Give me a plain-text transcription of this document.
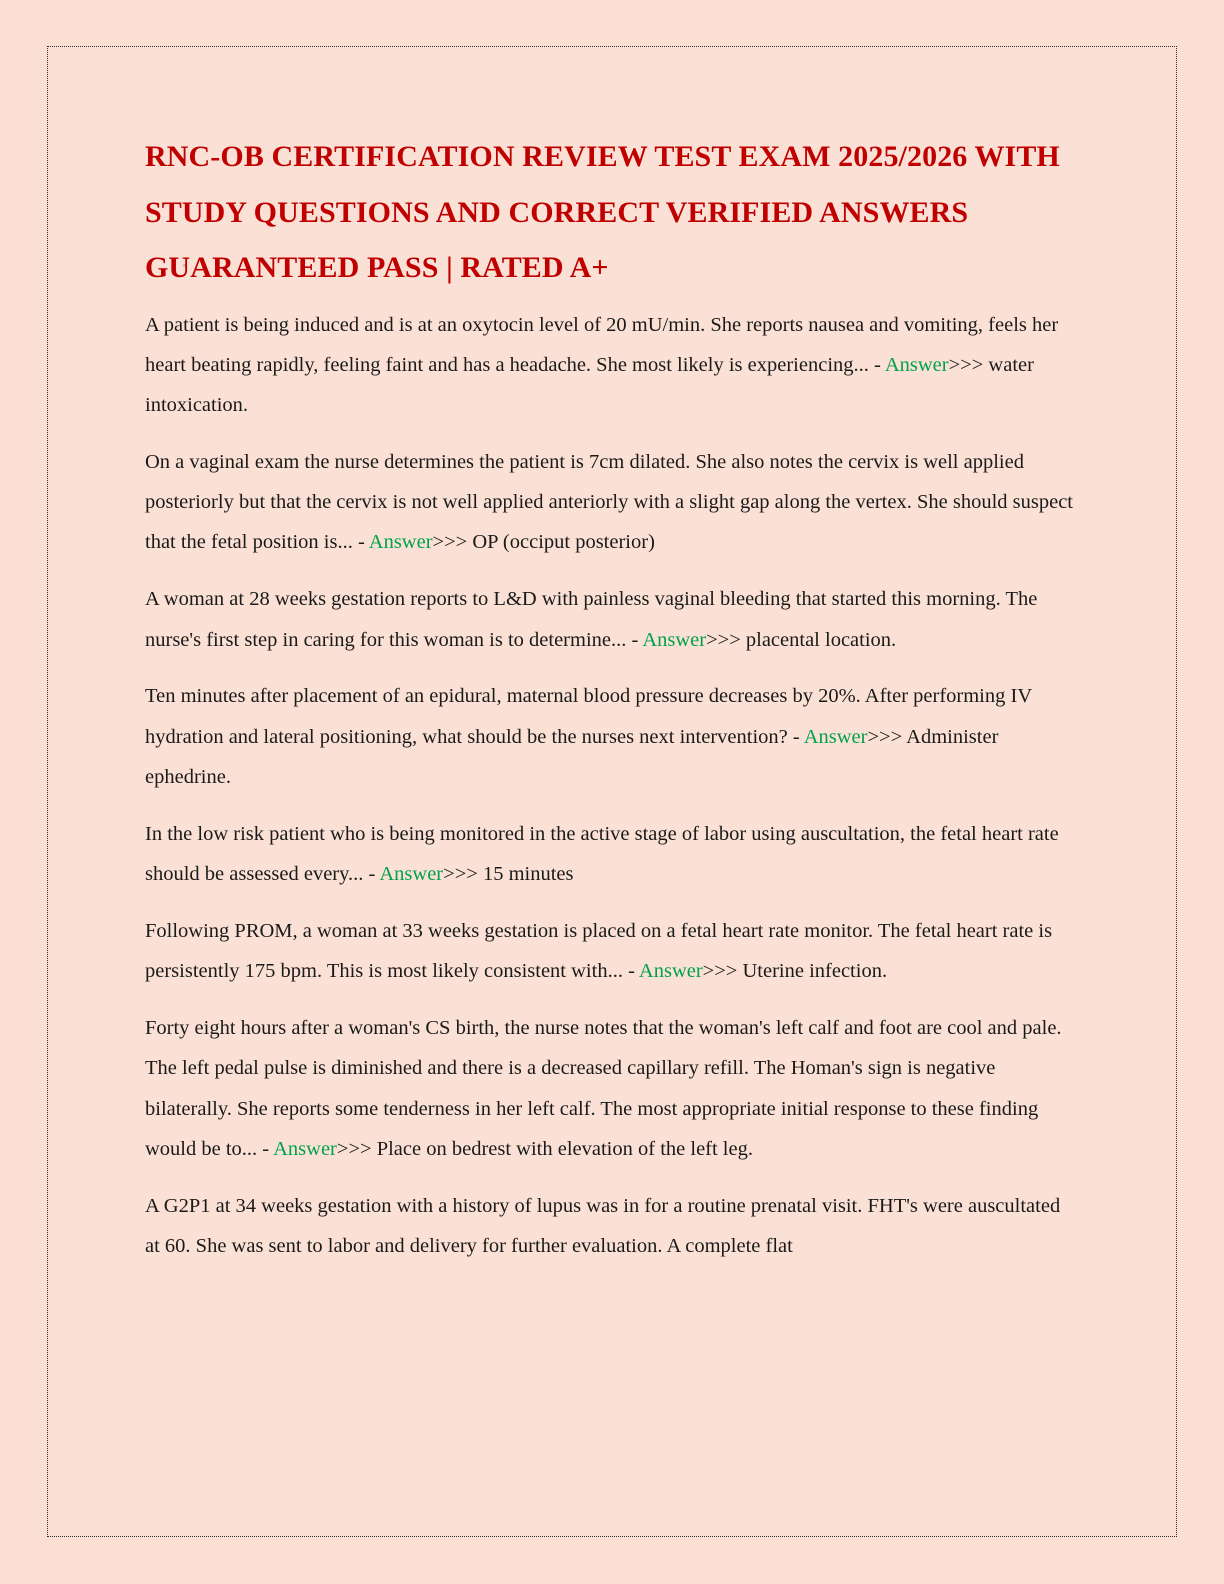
RNC-OB CERTIFICATION REVIEW TEST EXAM 2025/2026 WITH STUDY QUESTIONS AND CORRECT VERIFIED ANSWERS GUARANTEED PASS | RATED A+

A patient is being induced and is at an oxytocin level of 20 mU/min. She reports nausea and vomiting, feels her heart beating rapidly, feeling faint and has a headache. She most likely is experiencing... - Answer>>> water intoxication.

On a vaginal exam the nurse determines the patient is 7cm dilated. She also notes the cervix is well applied posteriorly but that the cervix is not well applied anteriorly with a slight gap along the vertex. She should suspect that the fetal position is... - Answer>>> OP (occiput posterior)

A woman at 28 weeks gestation reports to L&D with painless vaginal bleeding that started this morning. The nurse's first step in caring for this woman is to determine... - Answer>>> placental location.

Ten minutes after placement of an epidural, maternal blood pressure decreases by 20%. After performing IV hydration and lateral positioning, what should be the nurses next intervention? - Answer>>> Administer ephedrine.

In the low risk patient who is being monitored in the active stage of labor using auscultation, the fetal heart rate should be assessed every... - Answer>>> 15 minutes

Following PROM, a woman at 33 weeks gestation is placed on a fetal heart rate monitor. The fetal heart rate is persistently 175 bpm. This is most likely consistent with... - Answer>>> Uterine infection.

Forty eight hours after a woman's CS birth, the nurse notes that the woman's left calf and foot are cool and pale. The left pedal pulse is diminished and there is a decreased capillary refill. The Homan's sign is negative bilaterally. She reports some tenderness in her left calf. The most appropriate initial response to these finding would be to... - Answer>>> Place on bedrest with elevation of the left leg.

A G2P1 at 34 weeks gestation with a history of lupus was in for a routine prenatal visit. FHT's were auscultated at 60. She was sent to labor and delivery for further evaluation. A complete flat
